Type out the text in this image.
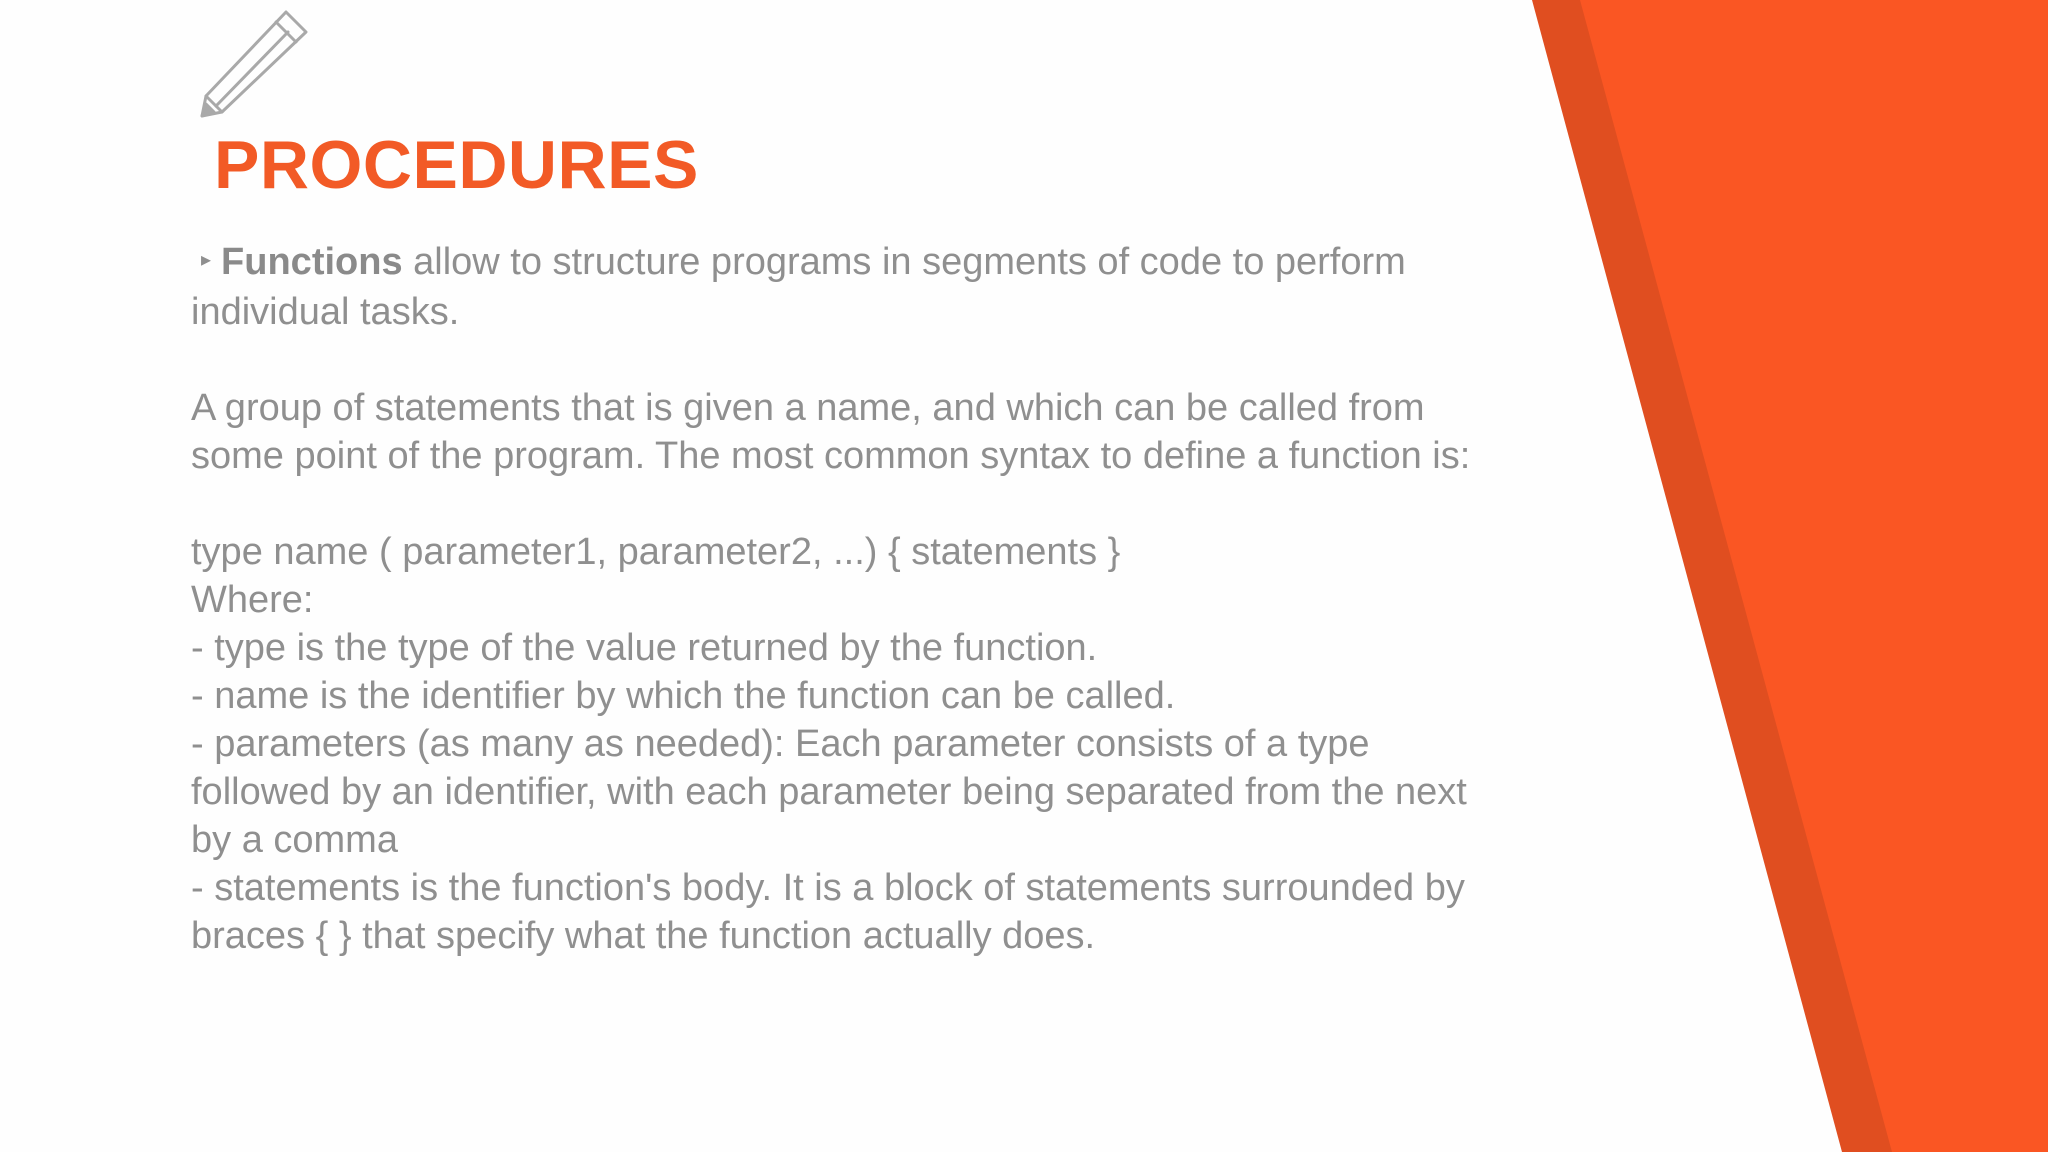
PROCEDURES
▸ Functions allow to structure programs in segments of code to perform
individual tasks.
A group of statements that is given a name, and which can be called from
some point of the program. The most common syntax to define a function is:
type name ( parameter1, parameter2, ...) { statements }
Where:
- type is the type of the value returned by the function.
- name is the identifier by which the function can be called.
- parameters (as many as needed): Each parameter consists of a type
followed by an identifier, with each parameter being separated from the next
by a comma
- statements is the function's body. It is a block of statements surrounded by
braces { } that specify what the function actually does.
